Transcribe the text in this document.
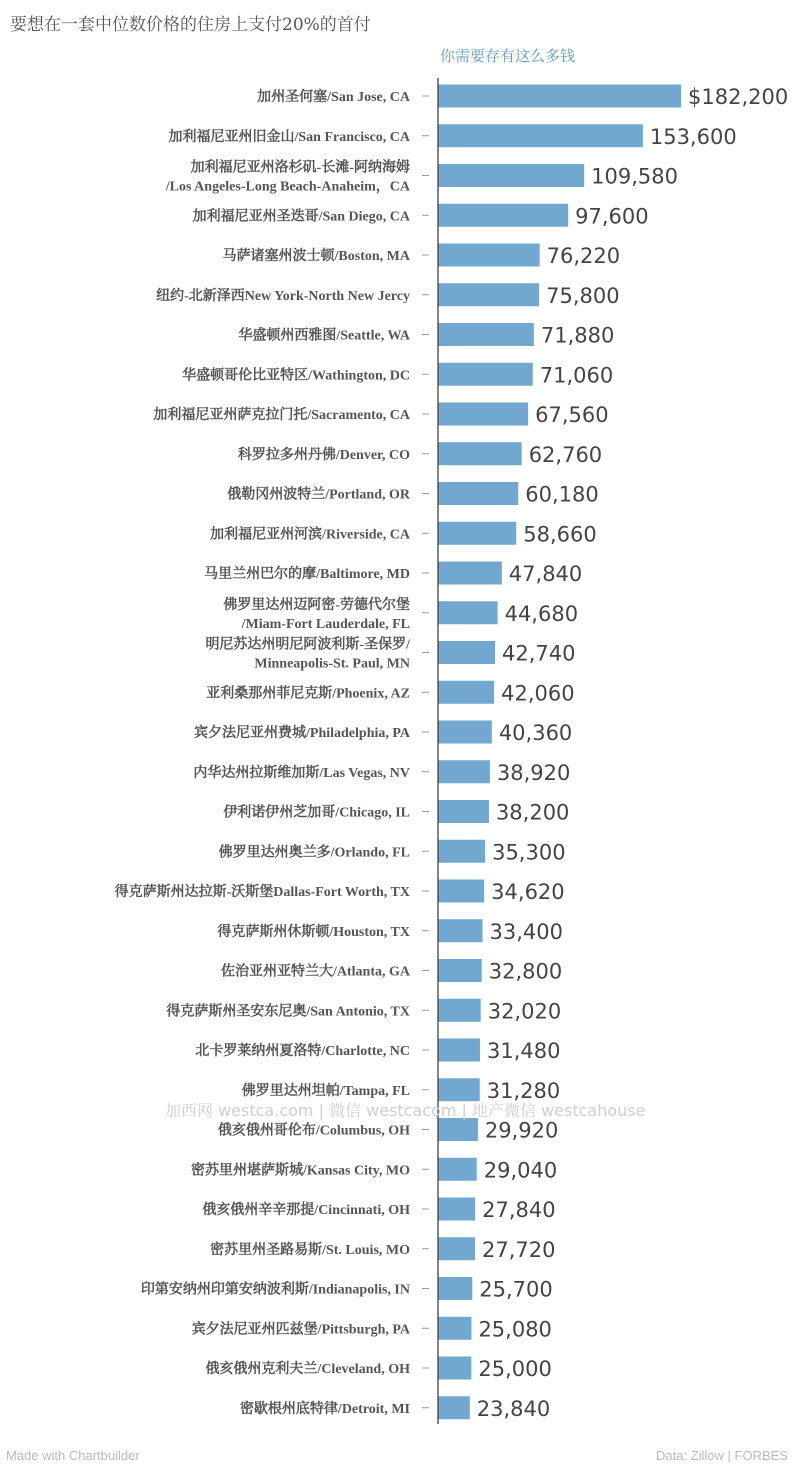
要想在一套中位数价格的住房上支付20%的首付
你需要存有这么多钱
$182,200
加州圣何塞/San Jose, CA
153,600
加利福尼亚州旧金山/San Francisco, CA
109,580
加利福尼亚州洛杉矶-长滩-阿纳海姆/Los Angeles-Long Beach-Anaheim，CA
97,600
加利福尼亚州圣迭哥/San Diego, CA
76,220
马萨诸塞州波士顿/Boston, MA
75,800
纽约-北新泽西New York-North New Jercy
71,880
华盛顿州西雅图/Seattle, WA
71,060
华盛顿哥伦比亚特区/Wathington, DC
67,560
加利福尼亚州萨克拉门托/Sacramento, CA
62,760
科罗拉多州丹佛/Denver, CO
60,180
俄勒冈州波特兰/Portland, OR
58,660
加利福尼亚州河滨/Riverside, CA
47,840
马里兰州巴尔的摩/Baltimore, MD
44,680
佛罗里达州迈阿密-劳德代尔堡/Miam-Fort Lauderdale, FL
42,740
明尼苏达州明尼阿波利斯-圣保罗/ Minneapolis-St. Paul, MN
42,060
亚利桑那州菲尼克斯/Phoenix, AZ
40,360
宾夕法尼亚州费城/Philadelphia, PA
38,920
内华达州拉斯维加斯/Las Vegas, NV
38,200
伊利诺伊州芝加哥/Chicago, IL
35,300
佛罗里达州奥兰多/Orlando, FL
34,620
得克萨斯州达拉斯-沃斯堡Dallas-Fort Worth, TX
33,400
得克萨斯州休斯顿/Houston, TX
32,800
佐治亚州亚特兰大/Atlanta, GA
32,020
得克萨斯州圣安东尼奥/San Antonio, TX
31,480
北卡罗莱纳州夏洛特/Charlotte, NC
31,280
佛罗里达州坦帕/Tampa, FL
29,920
俄亥俄州哥伦布/Columbus, OH
29,040
密苏里州堪萨斯城/Kansas City, MO
27,840
俄亥俄州辛辛那提/Cincinnati, OH
27,720
密苏里州圣路易斯/St. Louis, MO
25,700
印第安纳州印第安纳波利斯/Indianapolis, IN
25,080
宾夕法尼亚州匹兹堡/Pittsburgh, PA
25,000
俄亥俄州克利夫兰/Cleveland, OH
23,840
密歇根州底特律/Detroit, MI
加西网 westca.com | 微信 westcacom | 地产微信 westcahouse
Made with Chartbuilder	Data: Zillow | FORBES
